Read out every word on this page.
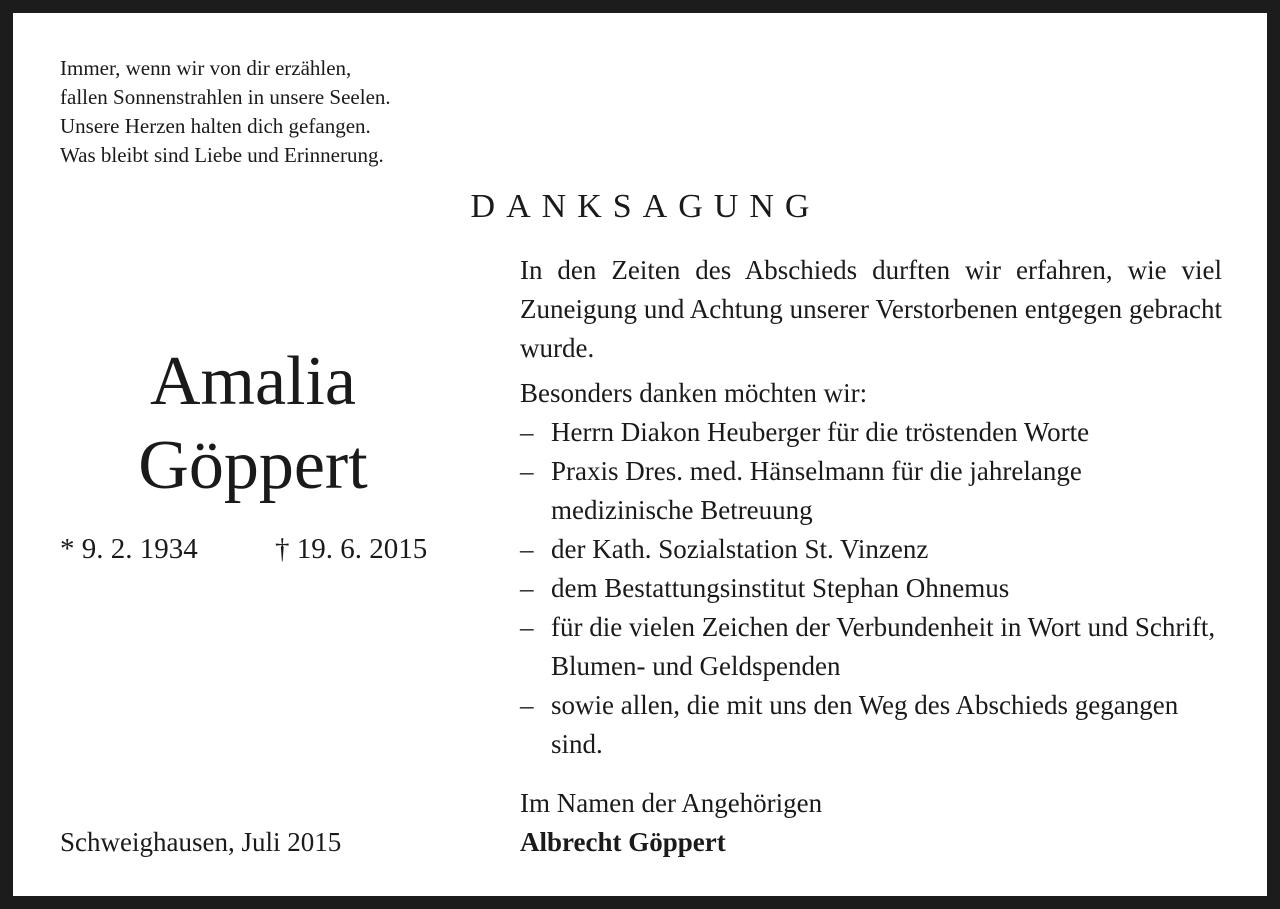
Immer, wenn wir von dir erzählen,
fallen Sonnenstrahlen in unsere Seelen.
Unsere Herzen halten dich gefangen.
Was bleibt sind Liebe und Erinnerung.
DANKSAGUNG
Amalia
Göppert
* 9. 2. 1934	† 19. 6. 2015

In den Zeiten des Abschieds durften wir erfahren, wie viel Zuneigung und Achtung unserer Verstorbenen entgegen gebracht wurde.

Besonders danken möchten wir:

– Herrn Diakon Heuberger für die tröstenden Worte
– Praxis Dres. med. Hänselmann für die jahrelange medizinische Betreuung
– der Kath. Sozialstation St. Vinzenz
– dem Bestattungsinstitut Stephan Ohnemus
– für die vielen Zeichen der Verbundenheit in Wort und Schrift, Blumen- und Geldspenden
– sowie allen, die mit uns den Weg des Abschieds gegangen sind.
Im Namen der Angehörigen
Albrecht Göppert
Schweighausen, Juli 2015
